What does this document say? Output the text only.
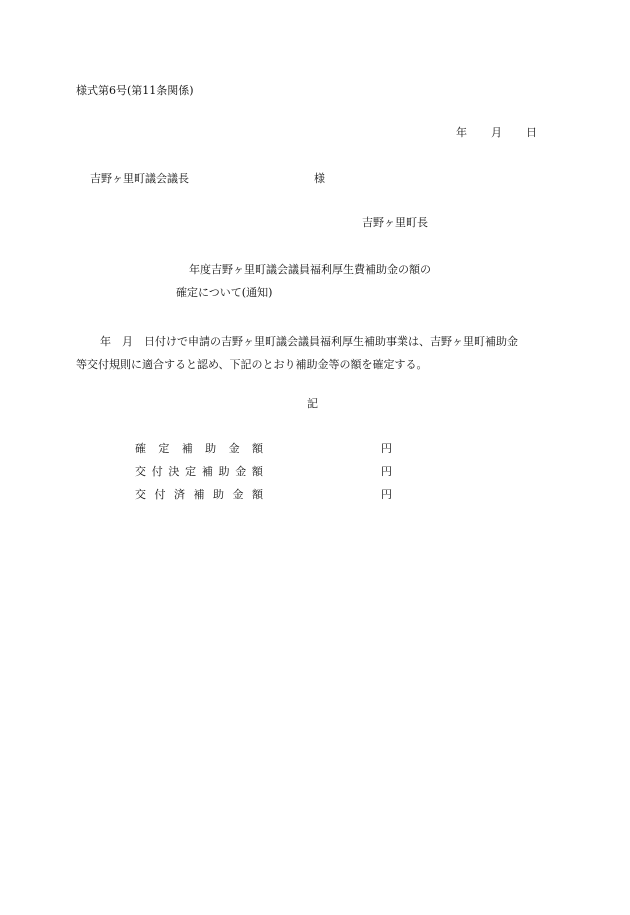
様式第6号(第11条関係)
年 月 日
吉野ヶ里町議会議長	様
吉野ヶ里町長
年度吉野ヶ里町議会議員福利厚生費補助金の額の
確定について(通知)
年　月　日付けで申請の吉野ヶ里町議会議員福利厚生補助事業は、吉野ヶ里町補助金
等交付規則に適合すると認め、下記のとおり補助金等の額を確定する。
記
確 定 補 助 金 額	円
交 付 決 定 補 助 金 額	円
交 付 済 補 助 金 額	円
